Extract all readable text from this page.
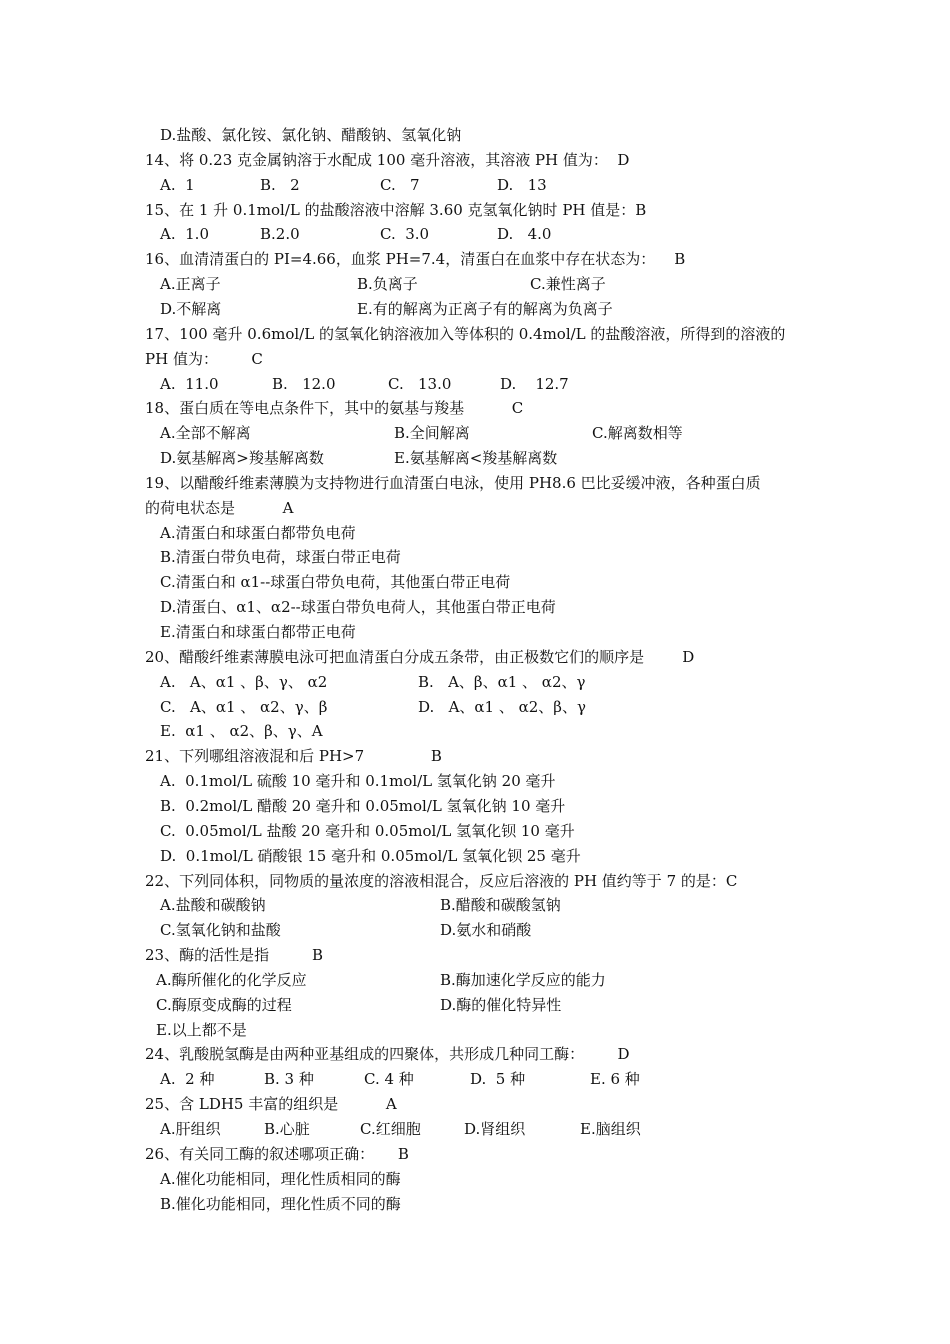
D.盐酸、氯化铵、氯化钠、醋酸钠、氢氧化钠
14、将 0.23 克金属钠溶于水配成 100 毫升溶液，其溶液 PH 值为：  D
A.  1	B.   2	C.   7	D.   13
15、在 1 升 0.1mol/L 的盐酸溶液中溶解 3.60 克氢氧化钠时 PH 值是：B
A.  1.0	B.2.0	C.  3.0	D.   4.0
16、血清清蛋白的 PI=4.66，血浆 PH=7.4，清蛋白在血浆中存在状态为：    B
A.正离子	B.负离子	C.兼性离子
D.不解离	E.有的解离为正离子有的解离为负离子
17、100 毫升 0.6mol/L 的氢氧化钠溶液加入等体积的 0.4mol/L 的盐酸溶液，所得到的溶液的
PH 值为：       C
A.  11.0	B.   12.0	C.   13.0	D.    12.7
18、蛋白质在等电点条件下，其中的氨基与羧基          C
A.全部不解离	B.全间解离	C.解离数相等
D.氨基解离>羧基解离数	E.氨基解离<羧基解离数
19、以醋酸纤维素薄膜为支持物进行血清蛋白电泳，使用 PH8.6 巴比妥缓冲液，各种蛋白质
的荷电状态是          A
A.清蛋白和球蛋白都带负电荷
B.清蛋白带负电荷，球蛋白带正电荷
C.清蛋白和 α1--球蛋白带负电荷，其他蛋白带正电荷
D.清蛋白、α1、α2--球蛋白带负电荷人，其他蛋白带正电荷
E.清蛋白和球蛋白都带正电荷
20、醋酸纤维素薄膜电泳可把血清蛋白分成五条带，由正极数它们的顺序是        D
A.   A、α1 、β、γ、 α2	B.   A、β、α1 、 α2、γ
C.   A、α1 、 α2、γ、β	D.   A、α1 、 α2、β、γ
E.  α1 、 α2、β、γ、A
21、下列哪组溶液混和后 PH>7              B
A.  0.1mol/L 硫酸 10 毫升和 0.1mol/L 氢氧化钠 20 毫升
B.  0.2mol/L 醋酸 20 毫升和 0.05mol/L 氢氧化钠 10 毫升
C.  0.05mol/L 盐酸 20 毫升和 0.05mol/L 氢氧化钡 10 毫升
D.  0.1mol/L 硝酸银 15 毫升和 0.05mol/L 氢氧化钡 25 毫升
22、下列同体积，同物质的量浓度的溶液相混合，反应后溶液的 PH 值约等于 7 的是：C
A.盐酸和碳酸钠	B.醋酸和碳酸氢钠
C.氢氧化钠和盐酸	D.氨水和硝酸
23、酶的活性是指         B
A.酶所催化的化学反应	B.酶加速化学反应的能力
C.酶原变成酶的过程	D.酶的催化特异性
E.以上都不是
24、乳酸脱氢酶是由两种亚基组成的四聚体，共形成几种同工酶：       D
A.  2 种	B. 3 种	C. 4 种	D.  5 种	E. 6 种
25、含 LDH5 丰富的组织是          A
A.肝组织	B.心脏	C.红细胞	D.肾组织	E.脑组织
26、有关同工酶的叙述哪项正确：     B
A.催化功能相同，理化性质相同的酶
B.催化功能相同，理化性质不同的酶
